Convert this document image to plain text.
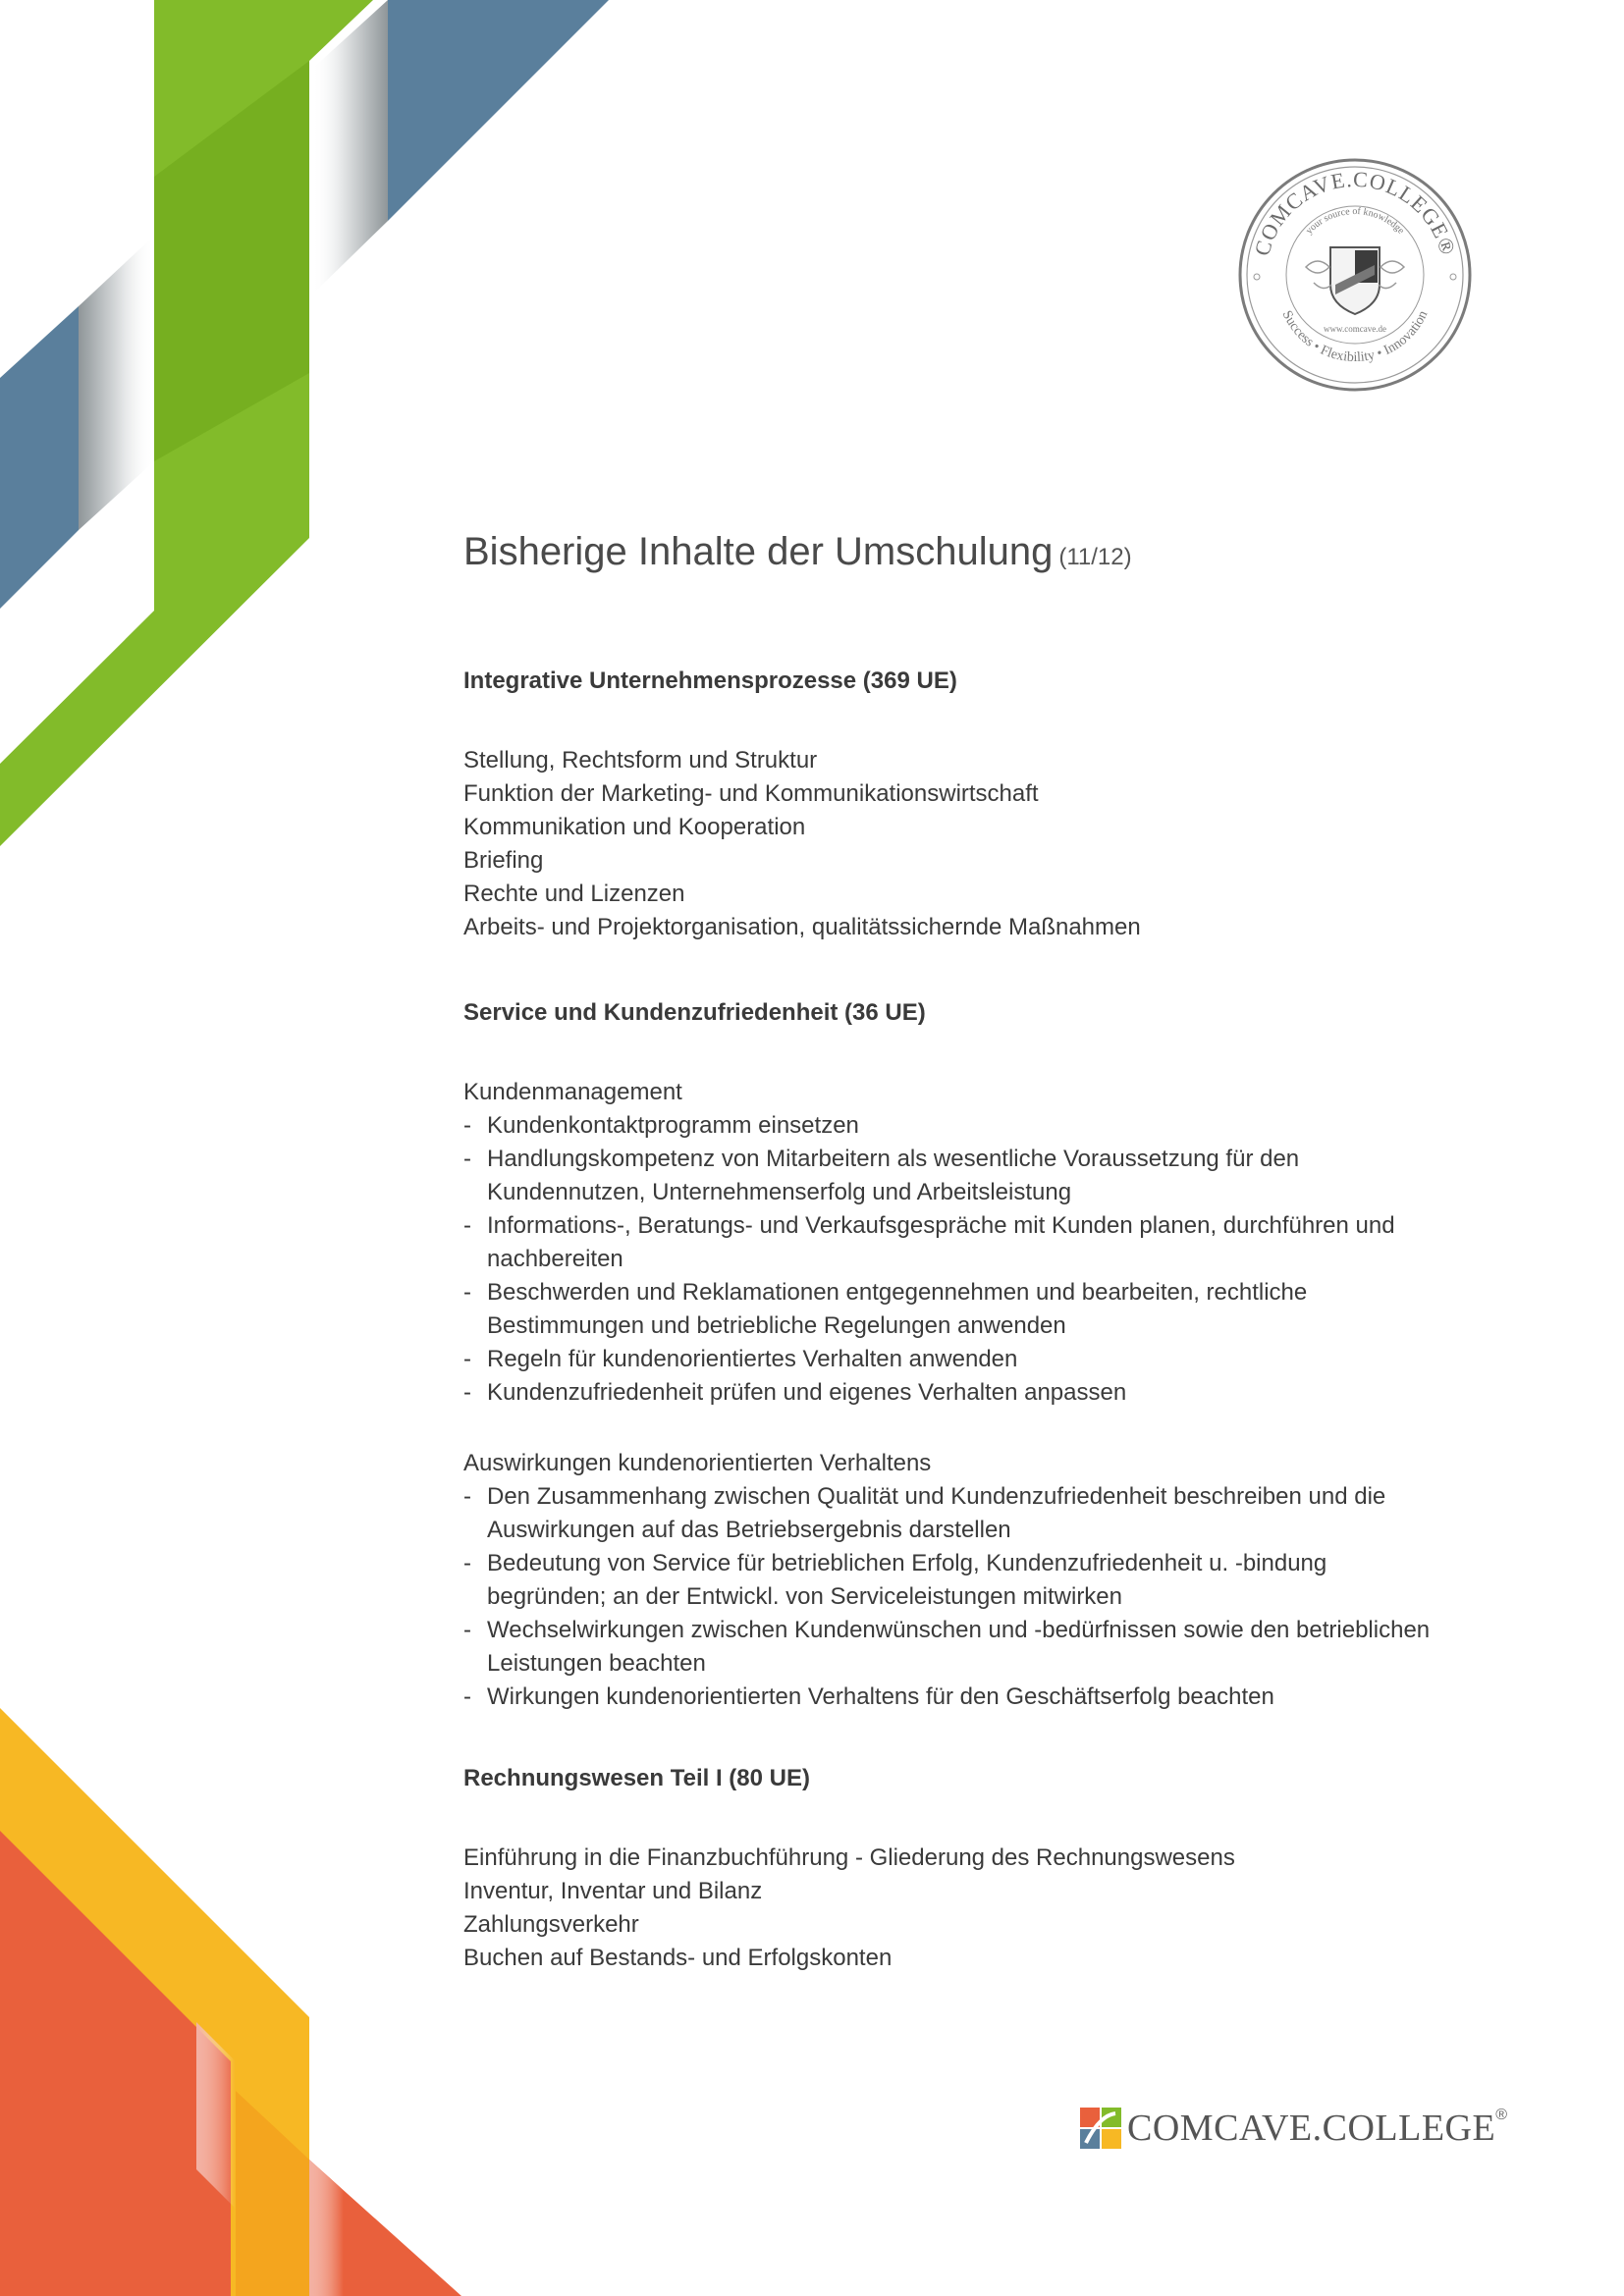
COMCAVE.COLLEGE®
your source of knowledge
Success • Flexibility • Innovation
www.comcave.de
Bisherige Inhalte der Umschulung (11/12)
Integrative Unternehmensprozesse (369 UE)
Stellung, Rechtsform und Struktur
Funktion der Marketing- und Kommunikationswirtschaft
Kommunikation und Kooperation
Briefing
Rechte und Lizenzen
Arbeits- und Projektorganisation, qualitätssichernde Maßnahmen
Service und Kundenzufriedenheit (36 UE)
Kundenmanagement
- Kundenkontaktprogramm einsetzen
- Handlungskompetenz von Mitarbeitern als wesentliche Voraussetzung für den
Kundennutzen, Unternehmenserfolg und Arbeitsleistung
- Informations-, Beratungs- und Verkaufsgespräche mit Kunden planen, durchführen und
nachbereiten
- Beschwerden und Reklamationen entgegennehmen und bearbeiten, rechtliche
Bestimmungen und betriebliche Regelungen anwenden
- Regeln für kundenorientiertes Verhalten anwenden
- Kundenzufriedenheit prüfen und eigenes Verhalten anpassen
Auswirkungen kundenorientierten Verhaltens
- Den Zusammenhang zwischen Qualität und Kundenzufriedenheit beschreiben und die
Auswirkungen auf das Betriebsergebnis darstellen
- Bedeutung von Service für betrieblichen Erfolg, Kundenzufriedenheit u. -bindung
begründen; an der Entwickl. von Serviceleistungen mitwirken
- Wechselwirkungen zwischen Kundenwünschen und -bedürfnissen sowie den betrieblichen
Leistungen beachten
- Wirkungen kundenorientierten Verhaltens für den Geschäftserfolg beachten
Rechnungswesen Teil I (80 UE)
Einführung in die Finanzbuchführung - Gliederung des Rechnungswesens
Inventur, Inventar und Bilanz
Zahlungsverkehr
Buchen auf Bestands- und Erfolgskonten
COMCAVE.COLLEGE®
